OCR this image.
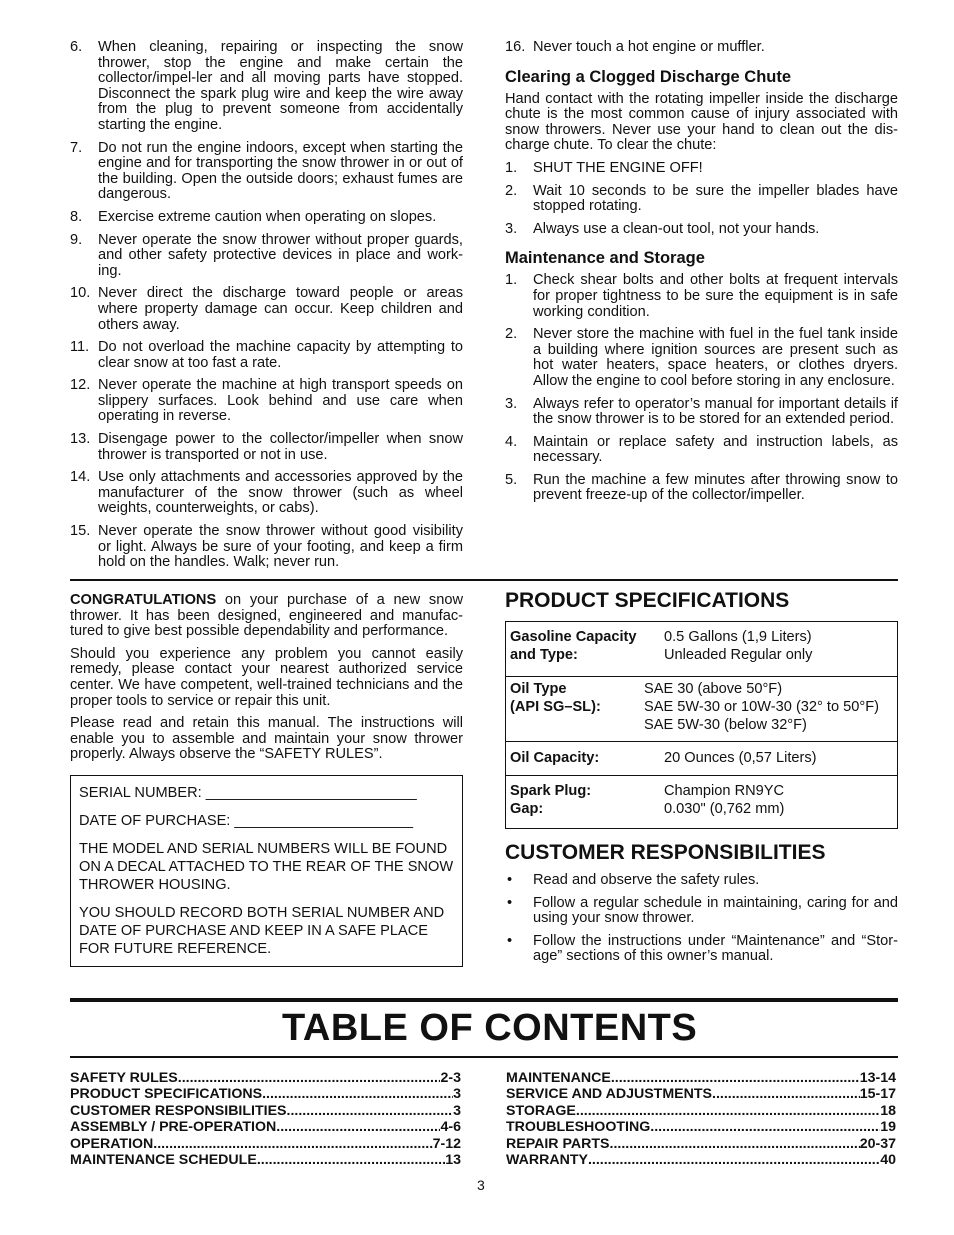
6. When cleaning, repairing or inspecting the snow thrower, stop the engine and make certain the collector/impel-ler and all moving parts have stopped. Disconnect the spark plug wire and keep the wire away from the plug to prevent someone from accidentally starting the engine.
7. Do not run the engine indoors, except when starting the engine and for transporting the snow thrower in or out of the building. Open the outside doors; exhaust fumes are dangerous.
8. Exercise extreme caution when operating on slopes.
9. Never operate the snow thrower without proper guards, and other safety protective devices in place and work-ing.
10. Never direct the discharge toward people or areas where property damage can occur. Keep children and others away.
11. Do not overload the machine capacity by attempting to clear snow at too fast a rate.
12. Never operate the machine at high transport speeds on slippery surfaces. Look behind and use care when operating in reverse.
13. Disengage power to the collector/impeller when snow thrower is transported or not in use.
14. Use only attachments and accessories approved by the manufacturer of the snow thrower (such as wheel weights, counterweights, or cabs).
15. Never operate the snow thrower without good visibility or light. Always be sure of your footing, and keep a firm hold on the handles. Walk; never run.
16. Never touch a hot engine or muffler.
Clearing a Clogged Discharge Chute

Hand contact with the rotating impeller inside the discharge chute is the most common cause of injury associated with snow throwers. Never use your hand to clean out the dis-charge chute. To clear the chute:

1. SHUT THE ENGINE OFF!
2. Wait 10 seconds to be sure the impeller blades have stopped rotating.
3. Always use a clean-out tool, not your hands.
Maintenance and Storage
1. Check shear bolts and other bolts at frequent intervals for proper tightness to be sure the equipment is in safe working condition.
2. Never store the machine with fuel in the fuel tank inside a building where ignition sources are present such as hot water heaters, space heaters, or clothes dryers. Allow the engine to cool before storing in any enclosure.
3. Always refer to operator’s manual for important details if the snow thrower is to be stored for an extended period.
4. Maintain or replace safety and instruction labels, as necessary.
5. Run the machine a few minutes after throwing snow to prevent freeze-up of the collector/impeller.

CONGRATULATIONS on your purchase of a new snow thrower. It has been designed, engineered and manufac-tured to give best possible dependability and performance.

Should you experience any problem you cannot easily remedy, please contact your nearest authorized service center. We have competent, well-trained technicians and the proper tools to service or repair this unit.

Please read and retain this manual. The instructions will enable you to assemble and maintain your snow thrower properly. Always observe the “SAFETY RULES”.

SERIAL NUMBER: __________________________

DATE OF PURCHASE: ______________________

THE MODEL AND SERIAL NUMBERS WILL BE FOUND ON A DECAL ATTACHED TO THE REAR OF THE SNOW THROWER HOUSING.

YOU SHOULD RECORD BOTH SERIAL NUMBER AND DATE OF PURCHASE AND KEEP IN A SAFE PLACE FOR FUTURE REFERENCE.

PRODUCT SPECIFICATIONS
Gasoline Capacity	0.5 Gallons (1,9 Liters)
and Type:	Unleaded Regular only

Oil Type	SAE 30 (above 50°F)
(API SG–SL):	SAE 5W-30 or 10W-30 (32° to 50°F)
SAE 5W-30 (below 32°F)

Oil Capacity:	20 Ounces (0,57 Liters)

Spark Plug:	Champion RN9YC
Gap:	0.030" (0,762 mm)
CUSTOMER RESPONSIBILITIES
• Read and observe the safety rules.
• Follow a regular schedule in maintaining, caring for and using your snow thrower.
• Follow the instructions under “Maintenance” and “Stor-age” sections of this owner’s manual.
TABLE OF CONTENTS
SAFETY RULES .....	2-3
PRODUCT SPECIFICATIONS .....	3
CUSTOMER RESPONSIBILITIES .....	3
ASSEMBLY / PRE-OPERATION .....	4-6
OPERATION .....	7-12
MAINTENANCE SCHEDULE .....	13
MAINTENANCE .....	13-14
SERVICE AND ADJUSTMENTS .....	15-17
STORAGE .....	18
TROUBLESHOOTING .....	19
REPAIR PARTS .....	20-37
WARRANTY .....	40
3
